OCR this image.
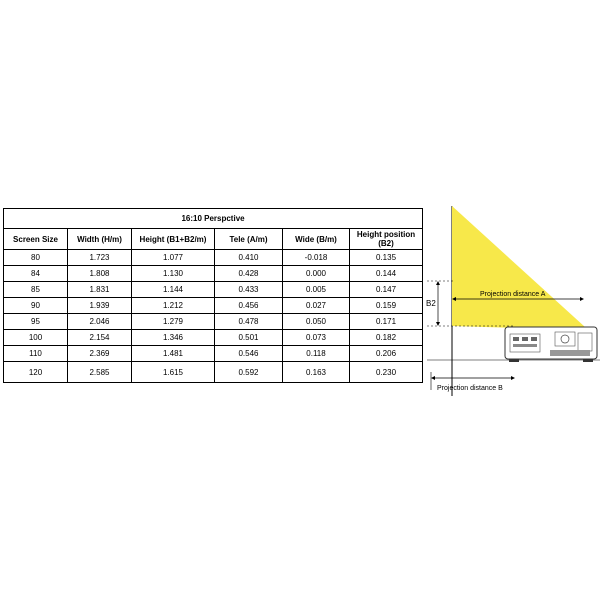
16:10 Perspctive					
Screen Size	Width (H/m)	Height (B1+B2/m)	Tele (A/m)	Wide (B/m)	Height position (B2)
80	1.723	1.077	0.410	-0.018	0.135
84	1.808	1.130	0.428	0.000	0.144
85	1.831	1.144	0.433	0.005	0.147
90	1.939	1.212	0.456	0.027	0.159
95	2.046	1.279	0.478	0.050	0.171
100	2.154	1.346	0.501	0.073	0.182
110	2.369	1.481	0.546	0.118	0.206
120	2.585	1.615	0.592	0.163	0.230
B2
Projection distance A
Projection distance B
